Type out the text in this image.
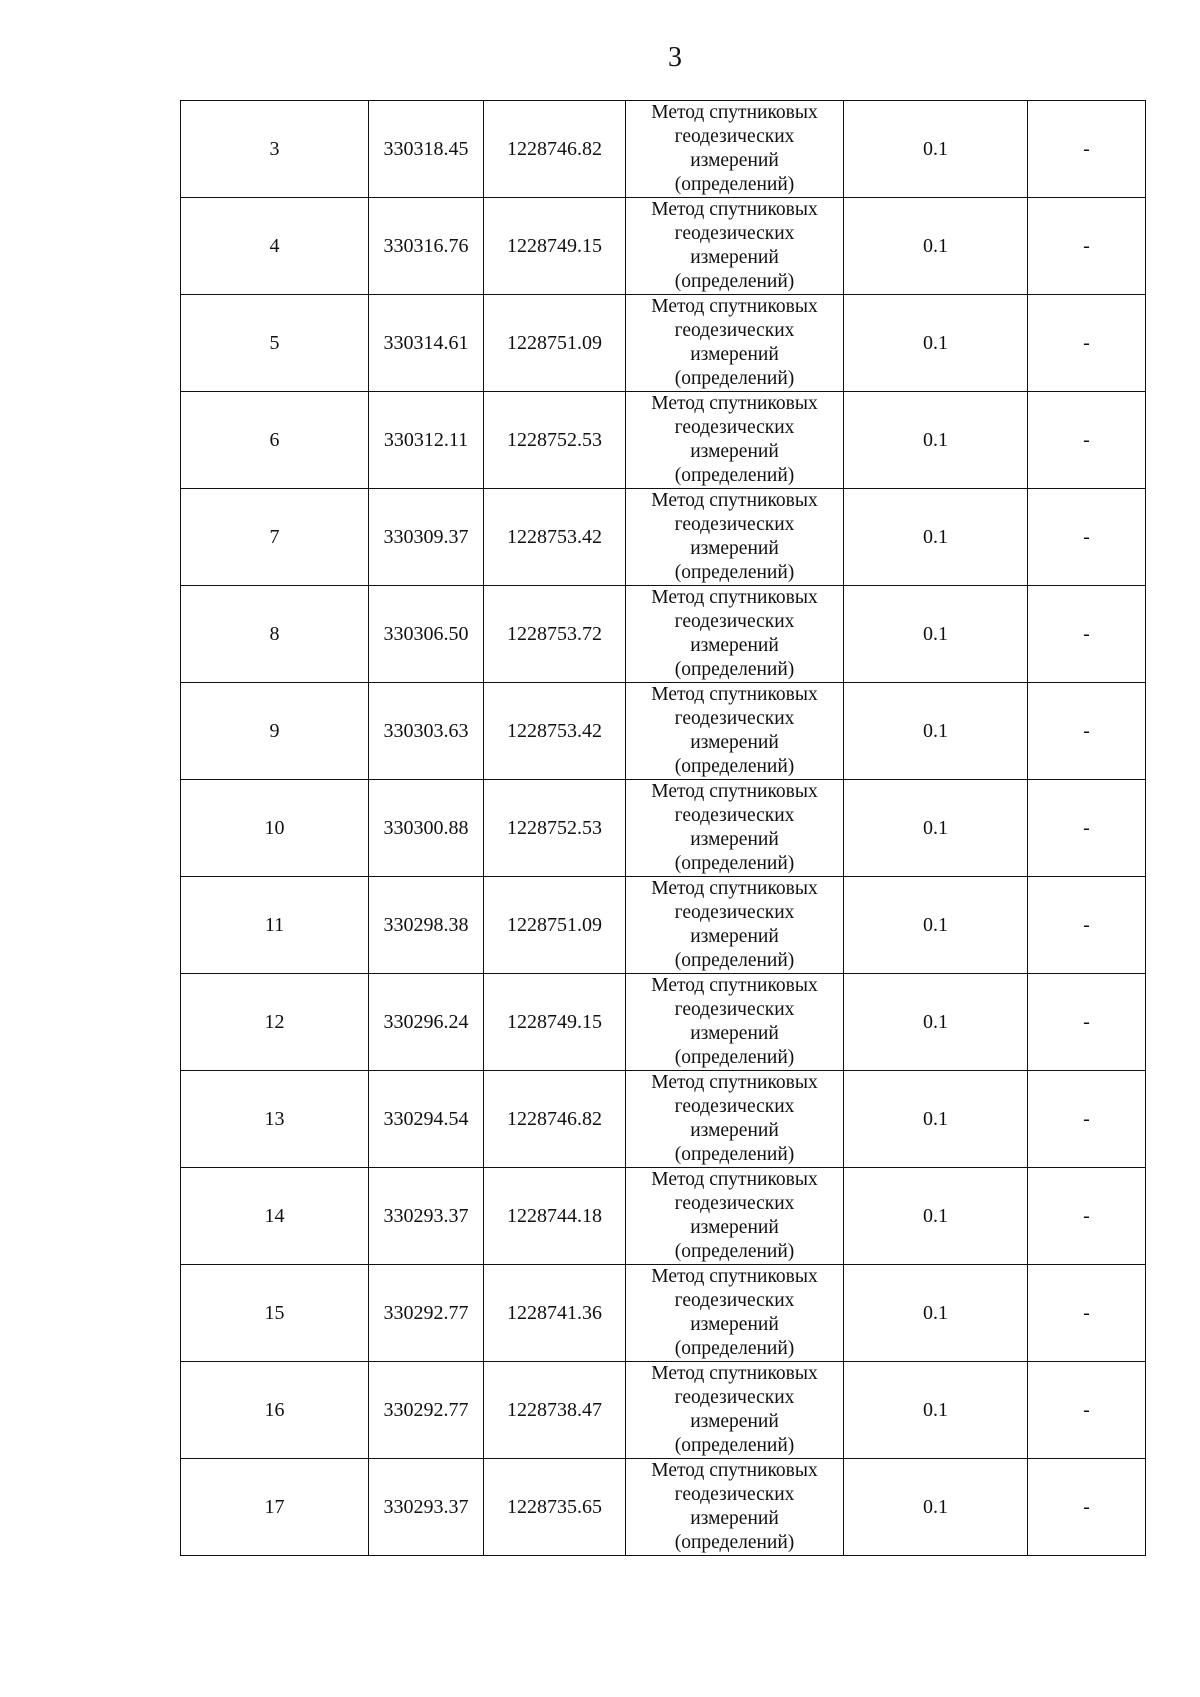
3
3	330318.45	1228746.82	Метод спутниковых
геодезических
измерений
(определений)	0.1	-
4	330316.76	1228749.15	Метод спутниковых
геодезических
измерений
(определений)	0.1	-
5	330314.61	1228751.09	Метод спутниковых
геодезических
измерений
(определений)	0.1	-
6	330312.11	1228752.53	Метод спутниковых
геодезических
измерений
(определений)	0.1	-
7	330309.37	1228753.42	Метод спутниковых
геодезических
измерений
(определений)	0.1	-
8	330306.50	1228753.72	Метод спутниковых
геодезических
измерений
(определений)	0.1	-
9	330303.63	1228753.42	Метод спутниковых
геодезических
измерений
(определений)	0.1	-
10	330300.88	1228752.53	Метод спутниковых
геодезических
измерений
(определений)	0.1	-
11	330298.38	1228751.09	Метод спутниковых
геодезических
измерений
(определений)	0.1	-
12	330296.24	1228749.15	Метод спутниковых
геодезических
измерений
(определений)	0.1	-
13	330294.54	1228746.82	Метод спутниковых
геодезических
измерений
(определений)	0.1	-
14	330293.37	1228744.18	Метод спутниковых
геодезических
измерений
(определений)	0.1	-
15	330292.77	1228741.36	Метод спутниковых
геодезических
измерений
(определений)	0.1	-
16	330292.77	1228738.47	Метод спутниковых
геодезических
измерений
(определений)	0.1	-
17	330293.37	1228735.65	Метод спутниковых
геодезических
измерений
(определений)	0.1	-
